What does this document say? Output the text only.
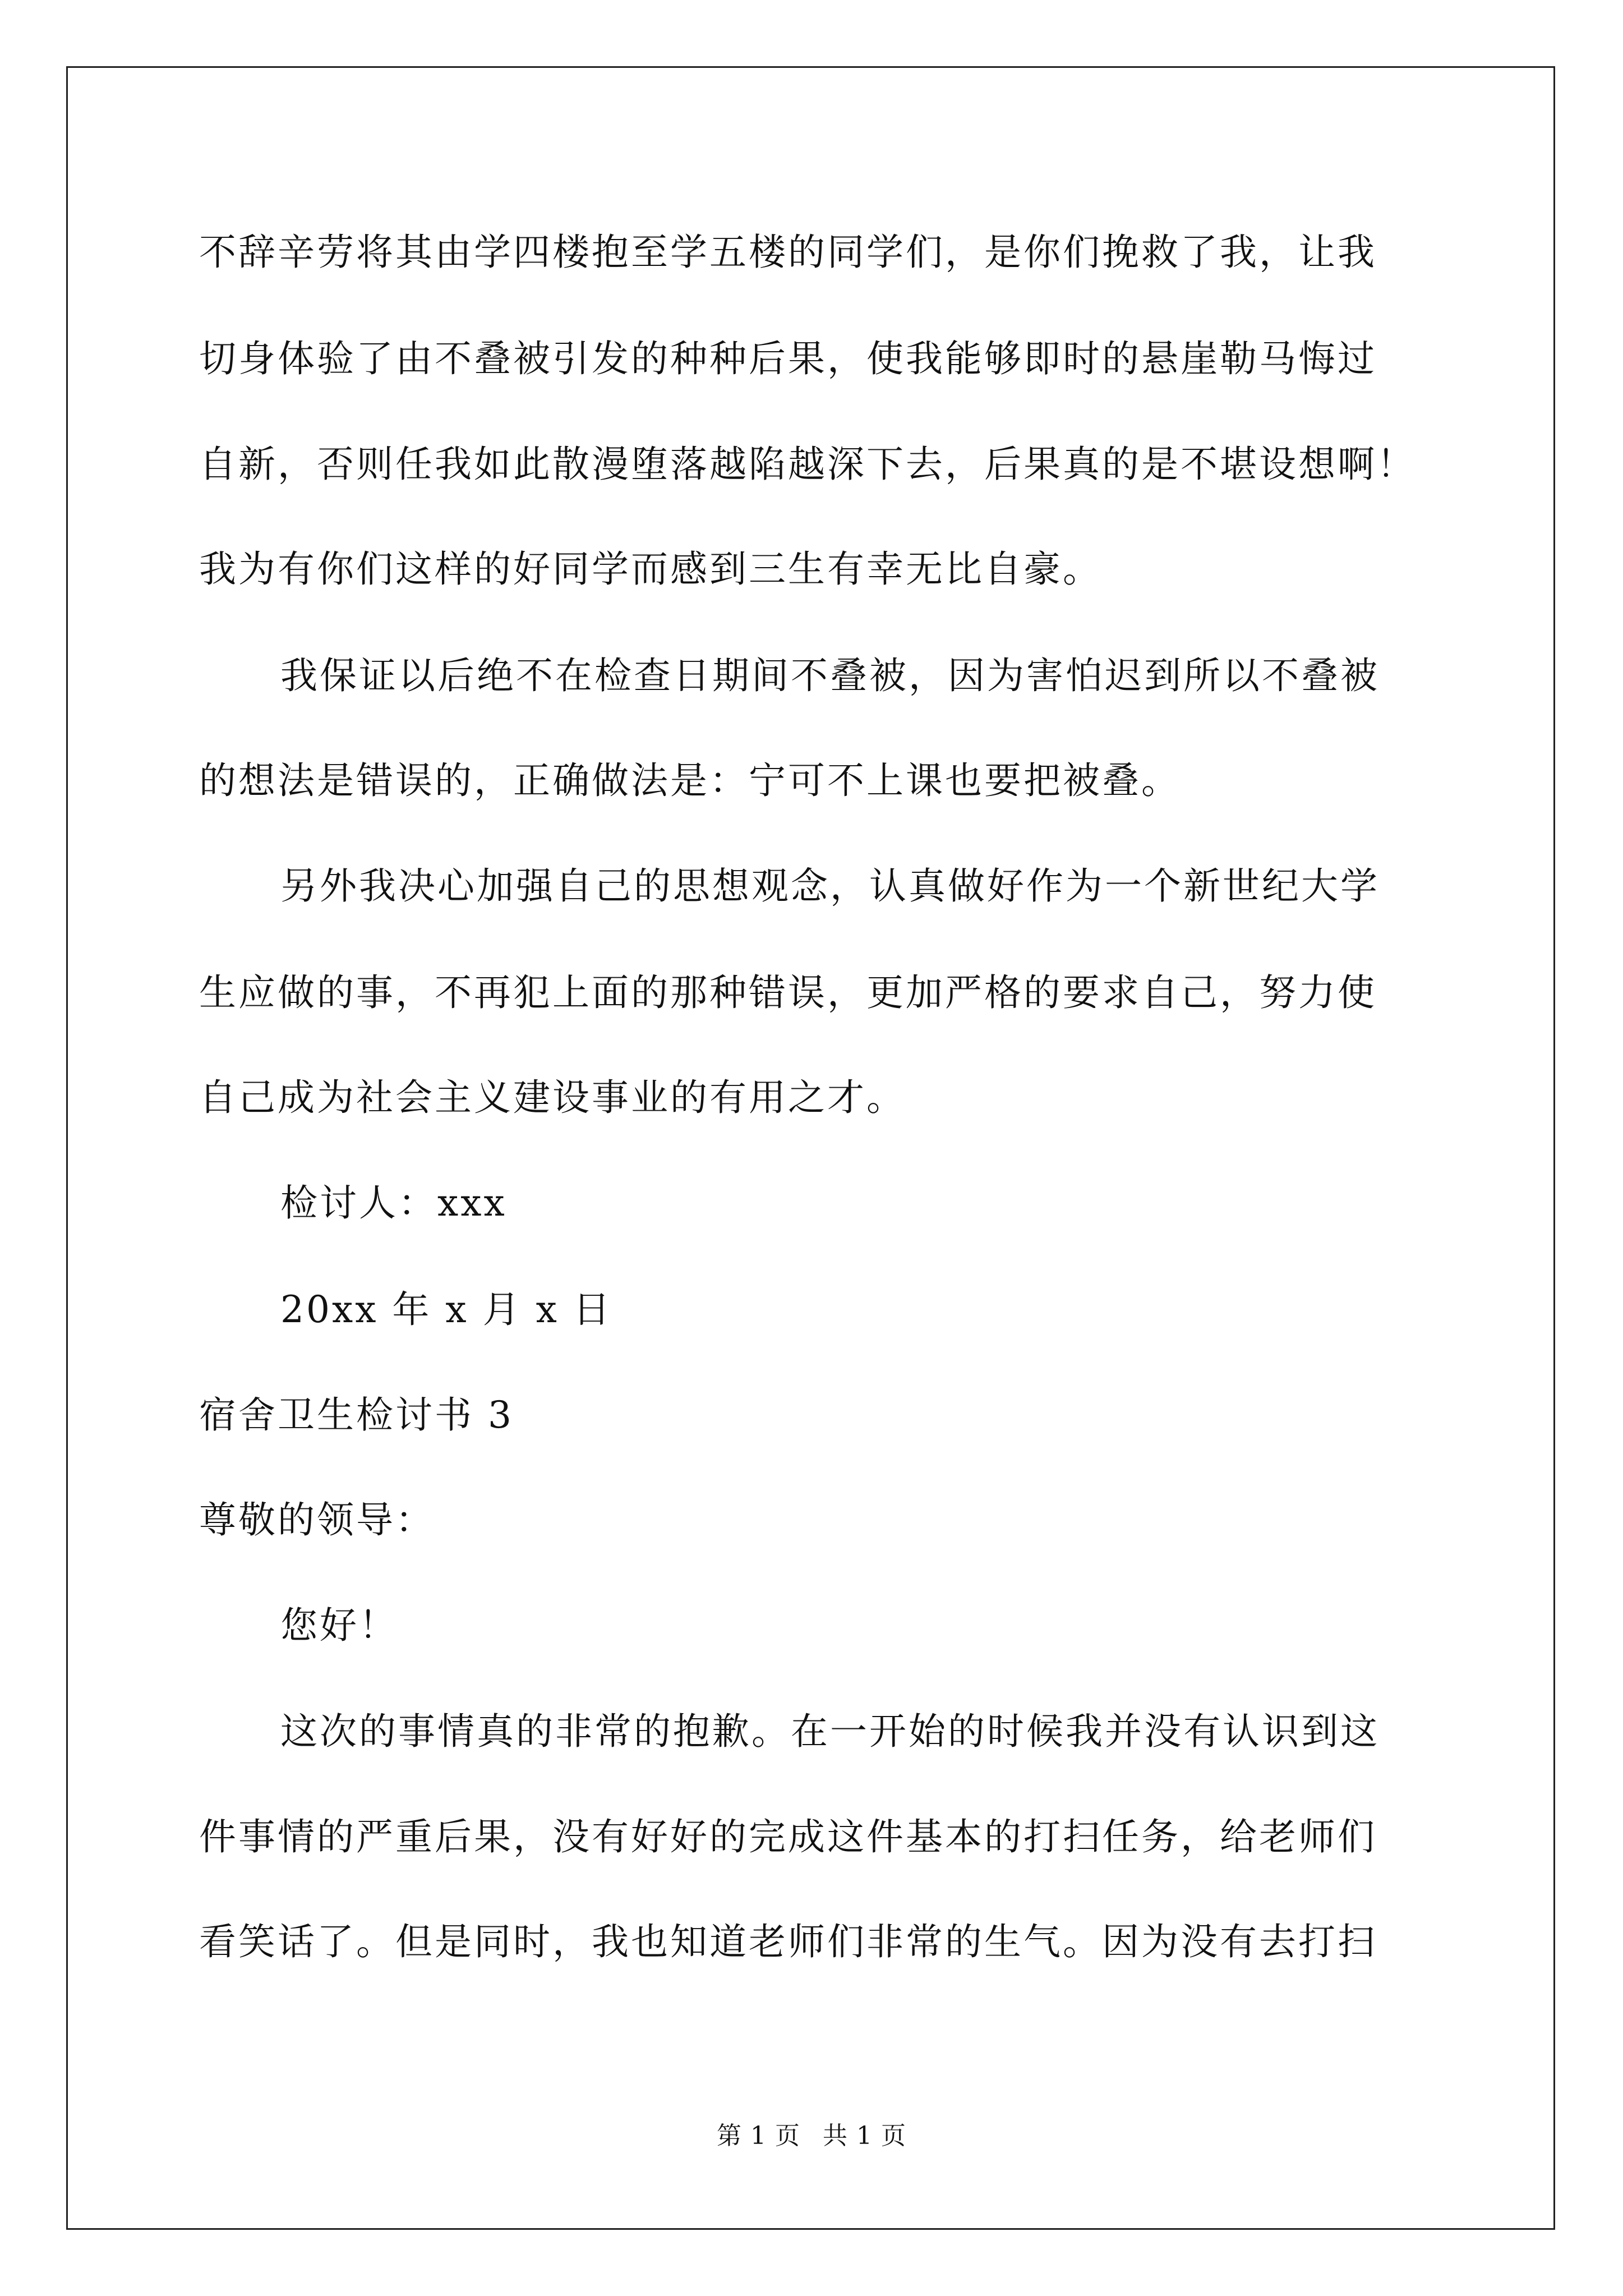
不辞辛劳将其由学四楼抱至学五楼的同学们，是你们挽救了我，让我
切身体验了由不叠被引发的种种后果，使我能够即时的悬崖勒马悔过
自新，否则任我如此散漫堕落越陷越深下去，后果真的是不堪设想啊！
我为有你们这样的好同学而感到三生有幸无比自豪。
我保证以后绝不在检查日期间不叠被，因为害怕迟到所以不叠被
的想法是错误的，正确做法是：宁可不上课也要把被叠。
另外我决心加强自己的思想观念，认真做好作为一个新世纪大学
生应做的事，不再犯上面的那种错误，更加严格的要求自己，努力使
自己成为社会主义建设事业的有用之才。
检讨人：xxx
20xx 年 x 月 x 日
宿舍卫生检讨书 3
尊敬的领导：
您好！
这次的事情真的非常的抱歉。在一开始的时候我并没有认识到这
件事情的严重后果，没有好好的完成这件基本的打扫任务，给老师们
看笑话了。但是同时，我也知道老师们非常的生气。因为没有去打扫
第 1 页 共 1 页
